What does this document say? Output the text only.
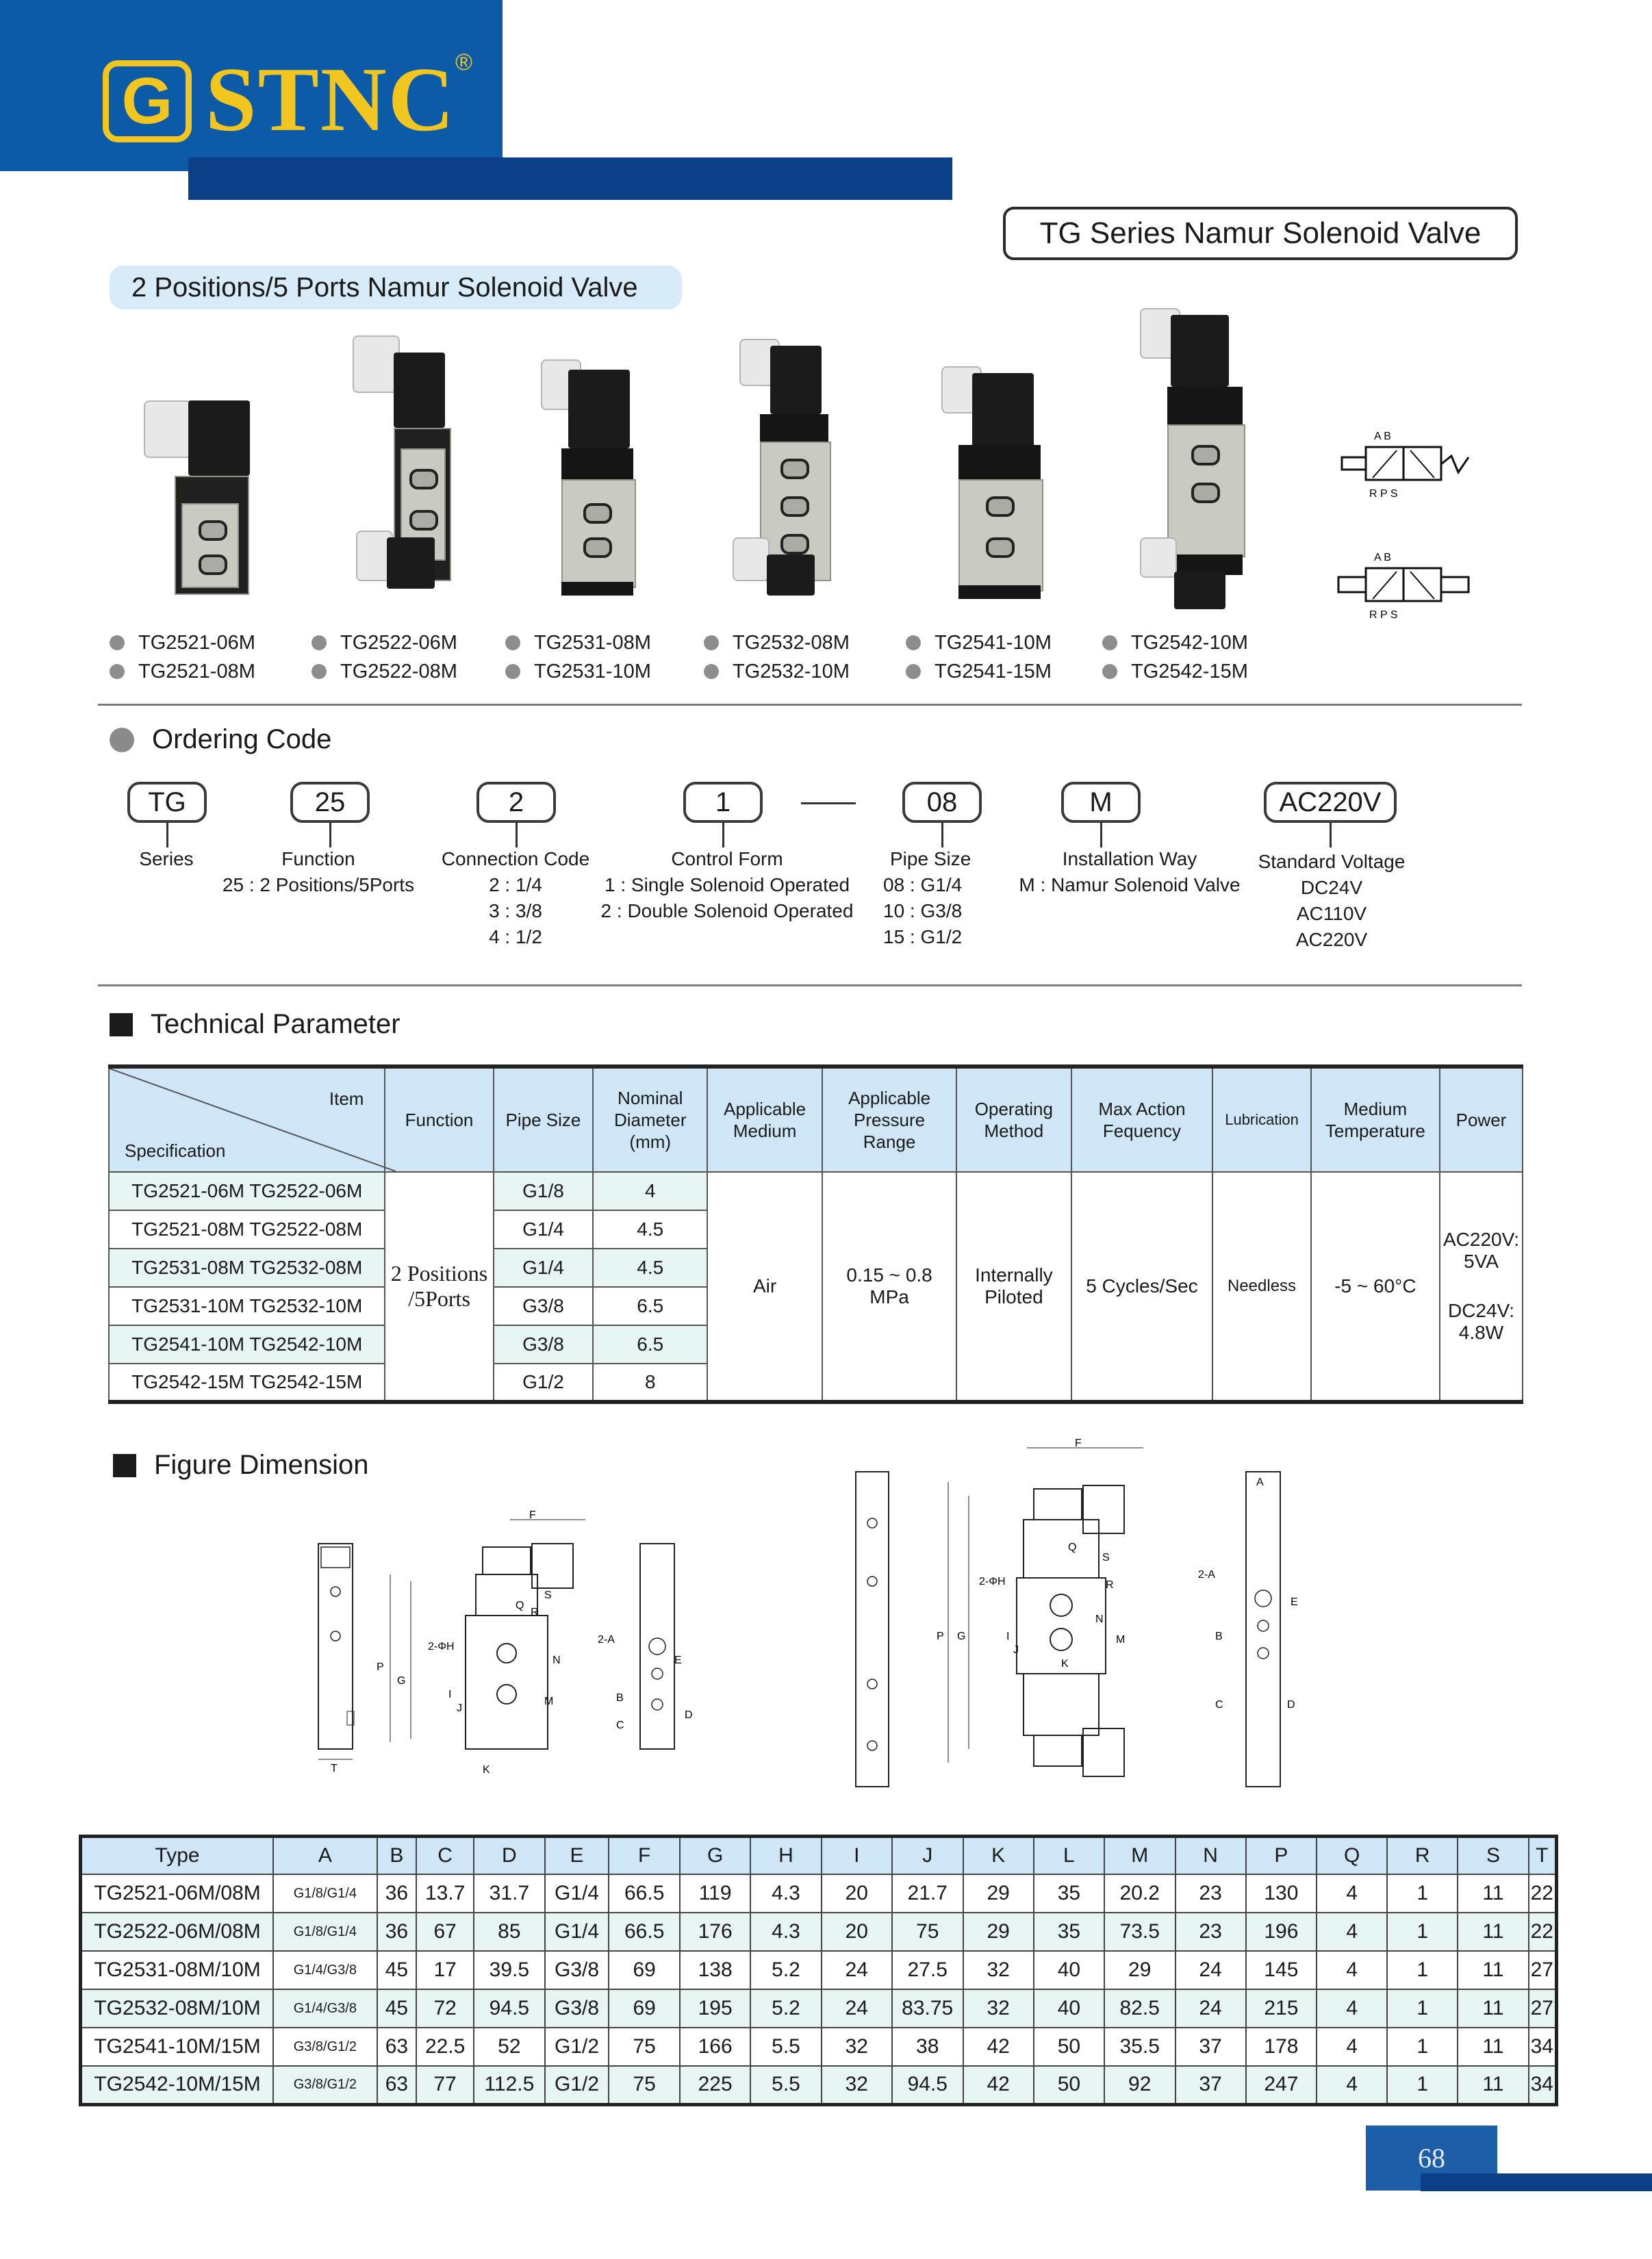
G STNC ®
TG Series Namur Solenoid Valve
2 Positions/5 Ports Namur Solenoid Valve
A B
R P S
A B
R P S
TG2521-06M
TG2521-08M
TG2522-06M
TG2522-08M
TG2531-08M
TG2531-10M
TG2532-08M
TG2532-10M
TG2541-10M
TG2541-15M
TG2542-10M
TG2542-15M
Ordering Code
TG	25	2	1	08	M	AC220V
Series	Function
25 : 2 Positions/5Ports
Connection Code
2 : 1/4
3 : 3/8
4 : 1/2
Control Form
1 : Single Solenoid Operated
2 : Double Solenoid Operated
Pipe Size
08 : G1/4
10 : G3/8
15 : G1/2
Installation Way
M : Namur Solenoid Valve
Standard Voltage
DC24V
AC110V
AC220V
Technical Parameter
Item
Specification	Function	Pipe Size	Nominal Diameter (mm)	Applicable Medium	Applicable Pressure Range	Operating Method	Max Action Fequency	Lubrication	Medium Temperature	Power
TG2521-06M TG2522-06M	2 Positions /5Ports	G1/8	4	Air	0.15 ~ 0.8 MPa	Internally Piloted	5 Cycles/Sec	Needless	-5 ~ 60°C	AC220V: 5VA
DC24V: 4.8W

TG2521-08M TG2522-08M		G1/4	4.5							
TG2531-08M TG2532-08M		G1/4	4.5							
TG2531-10M TG2532-10M		G3/8	6.5							
TG2541-10M TG2542-10M		G3/8	6.5							
TG2542-15M TG2542-15M		G1/2	8							
Figure Dimension
T
P
G
F
2-ΦH
N
M
K
I
J
Q
S
R
2-A
E
B
C
D
P G
F
2-ΦH
Q
S
R
N
M
I
J
K
2-A
E
B
C	D
A
Type	A	B	C	D	E	F	G	H	I	J	K	L	M	N	P	Q	R	S	T
TG2521-06M/08M	G1/8/G1/4	36	13.7	31.7	G1/4	66.5	119	4.3	20	21.7	29	35	20.2	23	130	4	1	11	22
TG2522-06M/08M	G1/8/G1/4	36	67	85	G1/4	66.5	176	4.3	20	75	29	35	73.5	23	196	4	1	11	22
TG2531-08M/10M	G1/4/G3/8	45	17	39.5	G3/8	69	138	5.2	24	27.5	32	40	29	24	145	4	1	11	27
TG2532-08M/10M	G1/4/G3/8	45	72	94.5	G3/8	69	195	5.2	24	83.75	32	40	82.5	24	215	4	1	11	27
TG2541-10M/15M	G3/8/G1/2	63	22.5	52	G1/2	75	166	5.5	32	38	42	50	35.5	37	178	4	1	11	34
TG2542-10M/15M	G3/8/G1/2	63	77	112.5	G1/2	75	225	5.5	32	94.5	42	50	92	37	247	4	1	11	34
68
